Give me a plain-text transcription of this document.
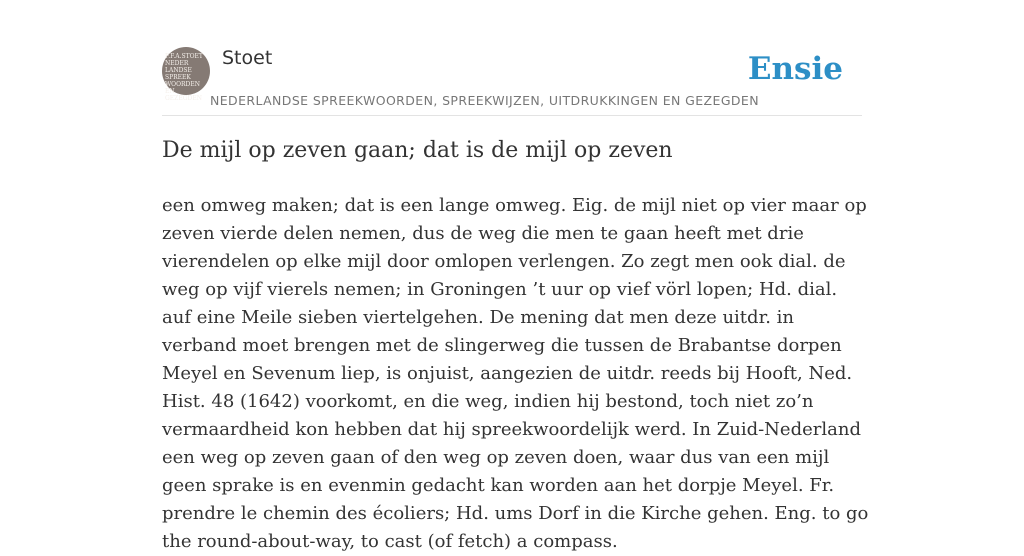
F.F.A.STOET
NEDER
LANDSE
SPREEK
WOORDEN EN
GEZEGDEN
Stoet
NEDERLANDSE SPREEKWOORDEN, SPREEKWIJZEN, UITDRUKKINGEN EN GEZEGDEN
Ensie
De mijl op zeven gaan; dat is de mijl op zeven

een omweg maken; dat is een lange omweg. Eig. de mijl niet op vier maar op zeven vierde delen nemen, dus de weg die men te gaan heeft met drie vierendelen op elke mijl door omlopen verlengen. Zo zegt men ook dial. de weg op vijf vierels nemen; in Groningen ’t uur op vief vörl lopen; Hd. dial. auf eine Meile sieben viertelgehen. De mening dat men deze uitdr. in verband moet brengen met de slingerweg die tussen de Brabantse dorpen Meyel en Sevenum liep, is onjuist, aangezien de uitdr. reeds bij Hooft, Ned. Hist. 48 (1642) voorkomt, en die weg, indien hij bestond, toch niet zo’n vermaardheid kon hebben dat hij spreekwoordelijk werd. In Zuid-Nederland een weg op zeven gaan of den weg op zeven doen, waar dus van een mijl geen sprake is en evenmin gedacht kan worden aan het dorpje Meyel. Fr. prendre le chemin des écoliers; Hd. ums Dorf in die Kirche gehen. Eng. to go the round-about-way, to cast (of fetch) a compass.
